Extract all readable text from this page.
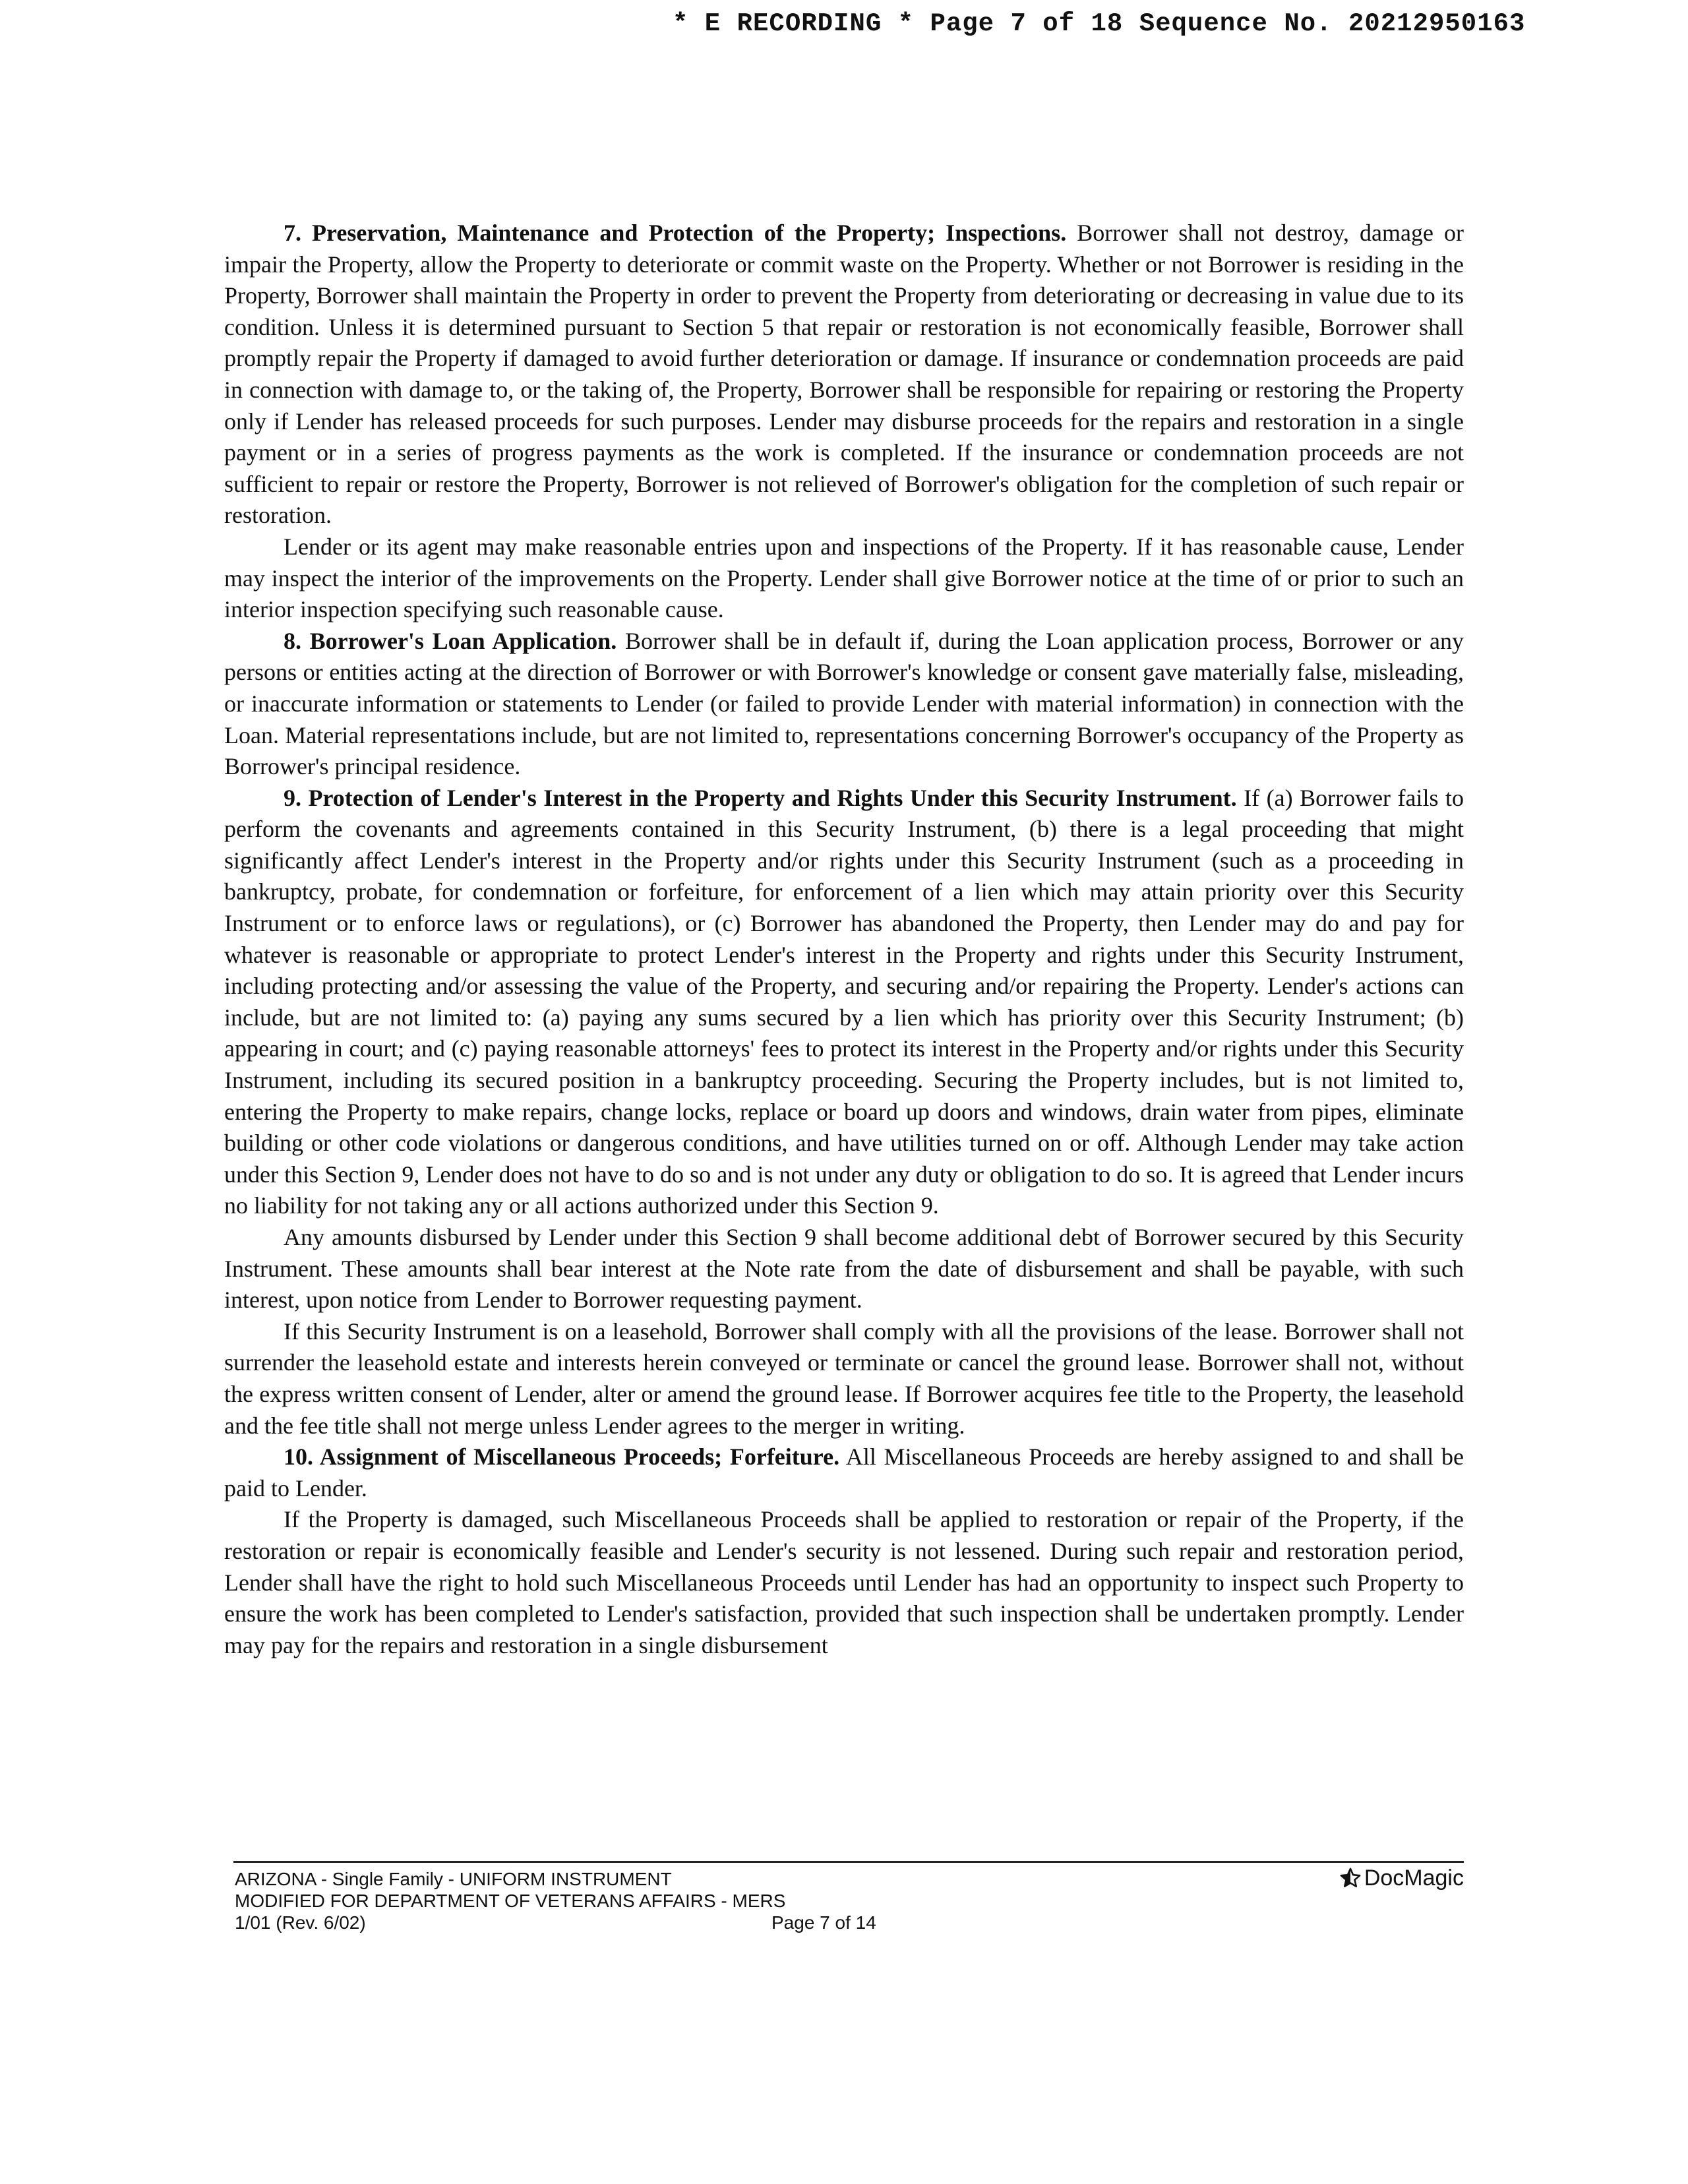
* E RECORDING * Page 7 of 18 Sequence No. 20212950163

7. Preservation, Maintenance and Protection of the Property; Inspections. Borrower shall not destroy, damage or impair the Property, allow the Property to deteriorate or commit waste on the Property. Whether or not Borrower is residing in the Property, Borrower shall maintain the Property in order to prevent the Property from deteriorating or decreasing in value due to its condition. Unless it is determined pursuant to Section 5 that repair or restoration is not economically feasible, Borrower shall promptly repair the Property if damaged to avoid further deterioration or damage. If insurance or condemnation proceeds are paid in connection with damage to, or the taking of, the Property, Borrower shall be responsible for repairing or restoring the Property only if Lender has released proceeds for such purposes. Lender may disburse proceeds for the repairs and restoration in a single payment or in a series of progress payments as the work is completed. If the insurance or condemnation proceeds are not sufficient to repair or restore the Property, Borrower is not relieved of Borrower's obligation for the completion of such repair or restoration.

Lender or its agent may make reasonable entries upon and inspections of the Property. If it has reasonable cause, Lender may inspect the interior of the improvements on the Property. Lender shall give Borrower notice at the time of or prior to such an interior inspection specifying such reasonable cause.

8. Borrower's Loan Application. Borrower shall be in default if, during the Loan application process, Borrower or any persons or entities acting at the direction of Borrower or with Borrower's knowledge or consent gave materially false, misleading, or inaccurate information or statements to Lender (or failed to provide Lender with material information) in connection with the Loan. Material representations include, but are not limited to, representations concerning Borrower's occupancy of the Property as Borrower's principal residence.

9. Protection of Lender's Interest in the Property and Rights Under this Security Instrument. If (a) Borrower fails to perform the covenants and agreements contained in this Security Instrument, (b) there is a legal proceeding that might significantly affect Lender's interest in the Property and/or rights under this Security Instrument (such as a proceeding in bankruptcy, probate, for condemnation or forfeiture, for enforcement of a lien which may attain priority over this Security Instrument or to enforce laws or regulations), or (c) Borrower has abandoned the Property, then Lender may do and pay for whatever is reasonable or appropriate to protect Lender's interest in the Property and rights under this Security Instrument, including protecting and/or assessing the value of the Property, and securing and/or repairing the Property. Lender's actions can include, but are not limited to: (a) paying any sums secured by a lien which has priority over this Security Instrument; (b) appearing in court; and (c) paying reasonable attorneys' fees to protect its interest in the Property and/or rights under this Security Instrument, including its secured position in a bankruptcy proceeding. Securing the Property includes, but is not limited to, entering the Property to make repairs, change locks, replace or board up doors and windows, drain water from pipes, eliminate building or other code violations or dangerous conditions, and have utilities turned on or off. Although Lender may take action under this Section 9, Lender does not have to do so and is not under any duty or obligation to do so. It is agreed that Lender incurs no liability for not taking any or all actions authorized under this Section 9.

Any amounts disbursed by Lender under this Section 9 shall become additional debt of Borrower secured by this Security Instrument. These amounts shall bear interest at the Note rate from the date of disbursement and shall be payable, with such interest, upon notice from Lender to Borrower requesting payment.

If this Security Instrument is on a leasehold, Borrower shall comply with all the provisions of the lease. Borrower shall not surrender the leasehold estate and interests herein conveyed or terminate or cancel the ground lease. Borrower shall not, without the express written consent of Lender, alter or amend the ground lease. If Borrower acquires fee title to the Property, the leasehold and the fee title shall not merge unless Lender agrees to the merger in writing.

10. Assignment of Miscellaneous Proceeds; Forfeiture. All Miscellaneous Proceeds are hereby assigned to and shall be paid to Lender.

If the Property is damaged, such Miscellaneous Proceeds shall be applied to restoration or repair of the Property, if the restoration or repair is economically feasible and Lender's security is not lessened. During such repair and restoration period, Lender shall have the right to hold such Miscellaneous Proceeds until Lender has had an opportunity to inspect such Property to ensure the work has been completed to Lender's satisfaction, provided that such inspection shall be undertaken promptly. Lender may pay for the repairs and restoration in a single disbursement

ARIZONA - Single Family - UNIFORM INSTRUMENT
MODIFIED FOR DEPARTMENT OF VETERANS AFFAIRS - MERS
1/01 (Rev. 6/02)	Page 7 of 14
DocMagic
